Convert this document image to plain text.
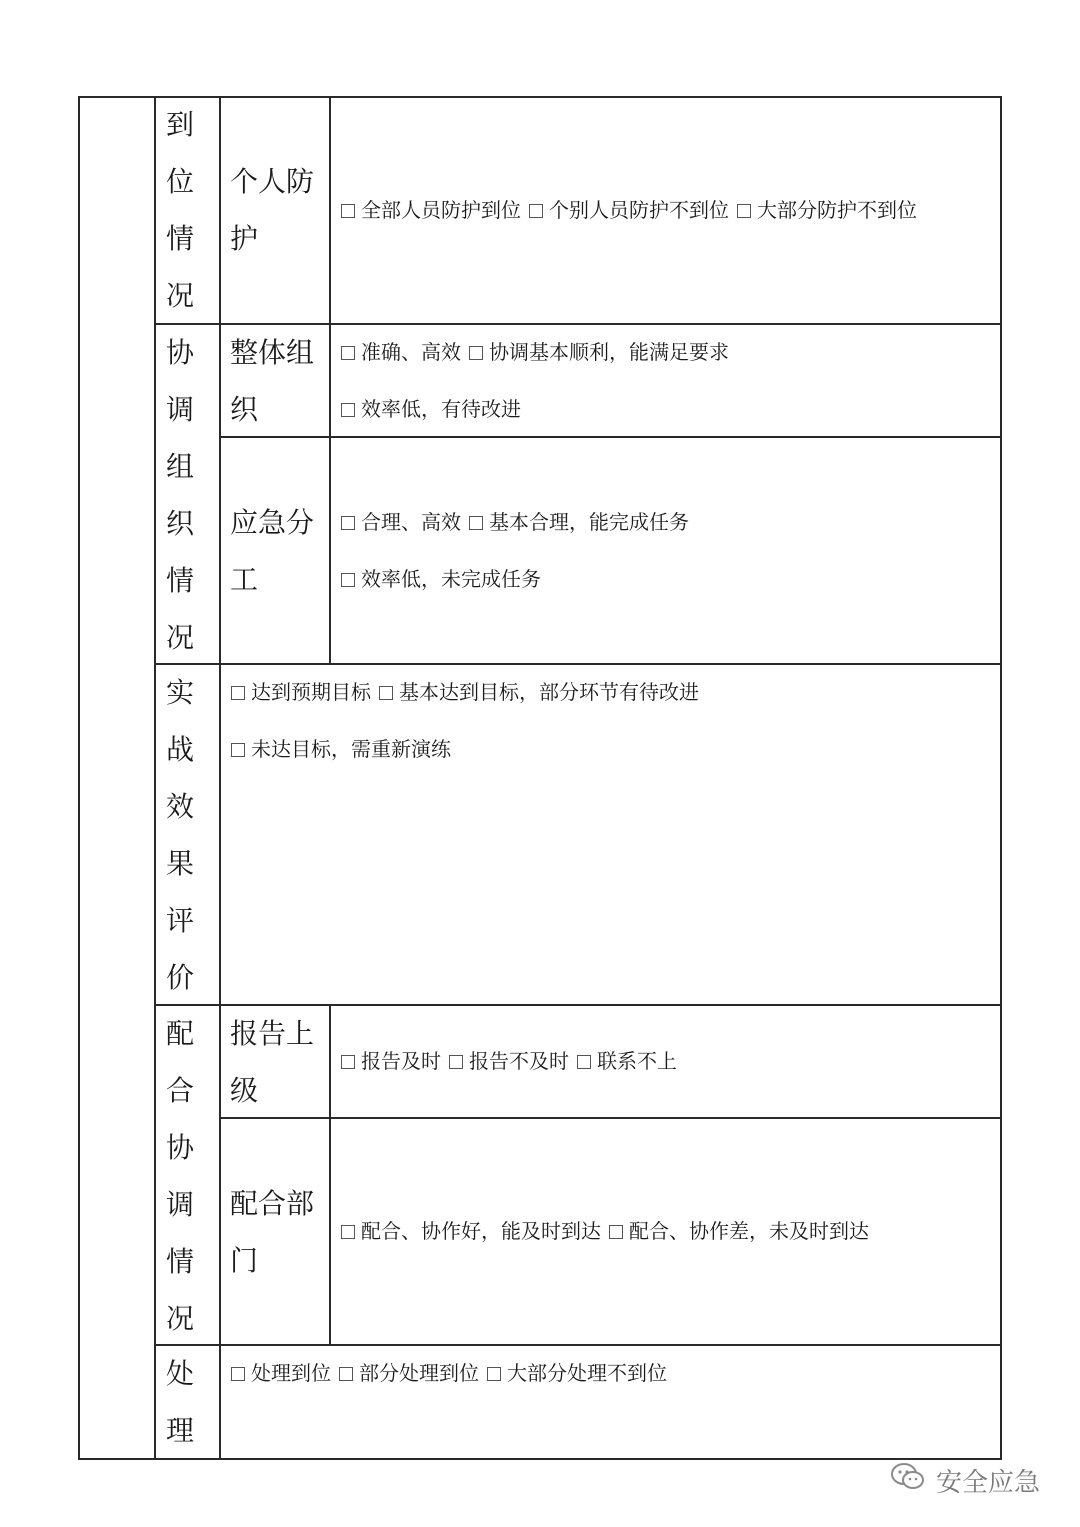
到
位
情
况
协
调
组
织
情
况
实
战
效
果
评
价
配
合
协
调
情
况
处
理
个人防护
整体组织
应急分工
报告上级
配合部门
全部人员防护到位 个别人员防护不到位 大部分防护不到位
准确、高效 协调基本顺利，能满足要求
效率低，有待改进
合理、高效 基本合理，能完成任务
效率低，未完成任务
达到预期目标 基本达到目标，部分环节有待改进
未达目标，需重新演练
报告及时 报告不及时 联系不上
配合、协作好，能及时到达 配合、协作差，未及时到达
处理到位 部分处理到位 大部分处理不到位
安全应急
